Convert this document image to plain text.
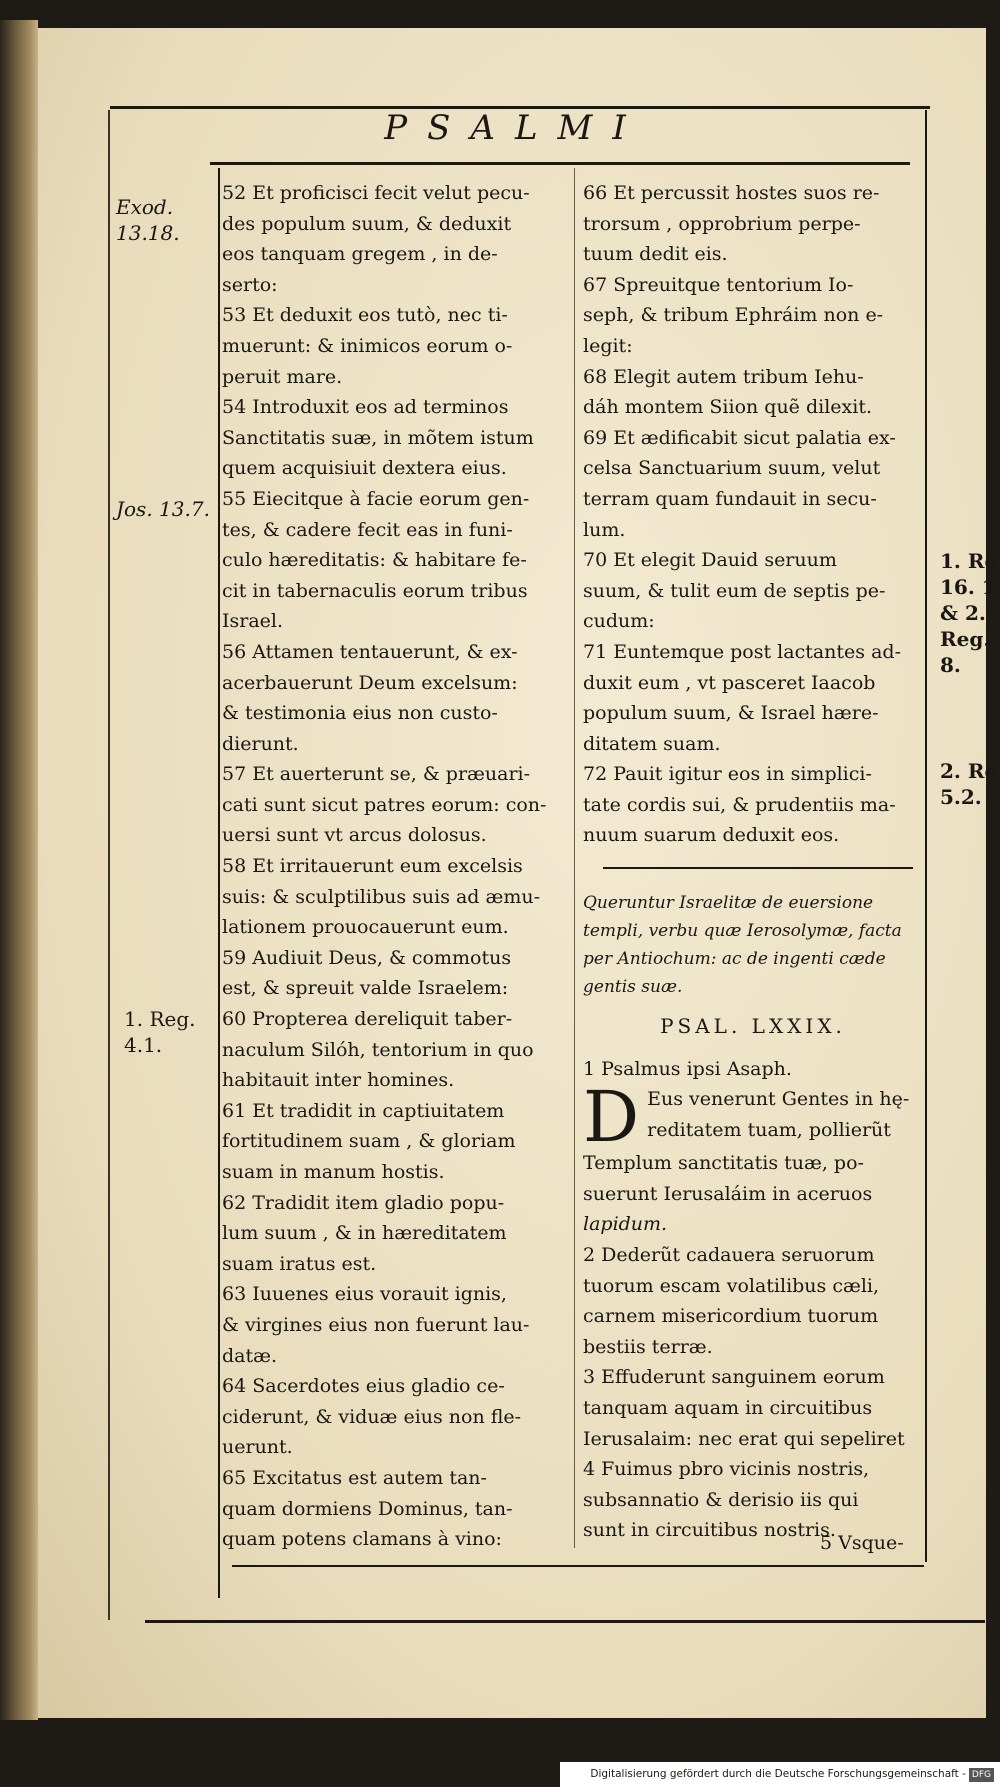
PSALMI
Exod.
13.18.
Jos. 13.7.
1. Reg.
4.1.
1. Re
16. 1
& 2.
Reg.
8.
2. Re
5.2.
52 Et proficisci fecit velut pecu-
des populum suum, & deduxit
eos tanquam gregem , in de-
serto:
53 Et deduxit eos tutò, nec ti-
muerunt: & inimicos eorum o-
peruit mare.
54 Introduxit eos ad terminos
Sanctitatis suæ, in mõtem istum
quem acquisiuit dextera eius.
55 Eiecitque à facie eorum gen-
tes, & cadere fecit eas in funi-
culo hæreditatis: & habitare fe-
cit in tabernaculis eorum tribus
Israel.
56 Attamen tentauerunt, & ex-
acerbauerunt Deum excelsum:
& testimonia eius non custo-
dierunt.
57 Et auerterunt se, & præuari-
cati sunt sicut patres eorum: con-
uersi sunt vt arcus dolosus.
58 Et irritauerunt eum excelsis
suis: & sculptilibus suis ad æmu-
lationem prouocauerunt eum.
59 Audiuit Deus, & commotus
est, & spreuit valde Israelem:
60 Propterea dereliquit taber-
naculum Silóh, tentorium in quo
habitauit inter homines.
61 Et tradidit in captiuitatem
fortitudinem suam , & gloriam
suam in manum hostis.
62 Tradidit item gladio popu-
lum suum , & in hæreditatem
suam iratus est.
63 Iuuenes eius vorauit ignis,
& virgines eius non fuerunt lau-
datæ.
64 Sacerdotes eius gladio ce-
ciderunt, & viduæ eius non fle-
uerunt.
65 Excitatus est autem tan-
quam dormiens Dominus, tan-
quam potens clamans à vino:
66 Et percussit hostes suos re-
trorsum , opprobrium perpe-
tuum dedit eis.
67 Spreuitque tentorium Io-
seph, & tribum Ephráim non e-
legit:
68 Elegit autem tribum Iehu-
dáh montem Siion quẽ dilexit.
69 Et ædificabit sicut palatia ex-
celsa Sanctuarium suum, velut
terram quam fundauit in secu-
lum.
70 Et elegit Dauid seruum
suum, & tulit eum de septis pe-
cudum:
71 Euntemque post lactantes ad-
duxit eum , vt pasceret Iaacob
populum suum, & Israel hære-
ditatem suam.
72 Pauit igitur eos in simplici-
tate cordis sui, & prudentiis ma-
nuum suarum deduxit eos.
Queruntur Israelitæ de euersione
templi, verbu quæ Ierosolymæ, facta
per Antiochum: ac de ingenti cæde
gentis suæ.
PSAL. LXXIX.
1 Psalmus ipsi Asaph.
D Eus venerunt Gentes in hę-
reditatem tuam, pollierũt
Templum sanctitatis tuæ, po-
suerunt Ierusaláim in aceruos
lapidum.
2 Dederũt cadauera seruorum
tuorum escam volatilibus cæli,
carnem misericordium tuorum
bestiis terræ.
3 Effuderunt sanguinem eorum
tanquam aquam in circuitibus
Ierusalaim: nec erat qui sepeliret
4 Fuimus pbro vicinis nostris,
subsannatio & derisio iis qui
sunt in circuitibus nostris.
5 Vsque-
Digitalisierung gefördert durch die Deutsche Forschungsgemeinschaft - DFG
